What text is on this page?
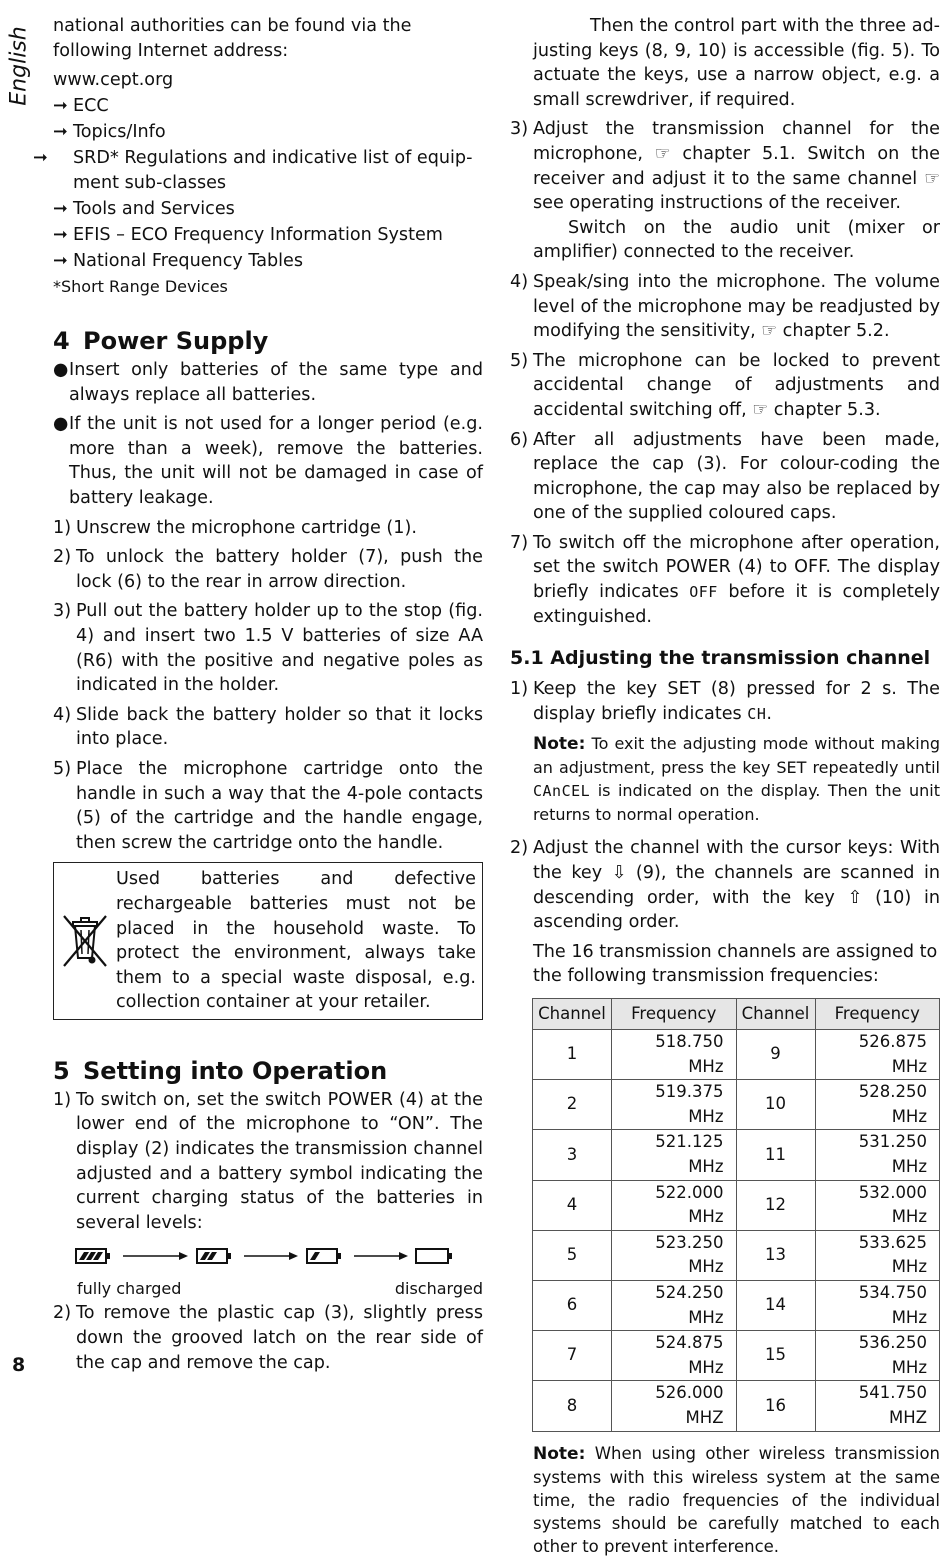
English national authorities can be found via the following Internet address:

www.cept.org

➞ ECC

➞ Topics/Info

➞ SRD* Regulations and indicative list of equipment sub-classes

➞ Tools and Services

➞ EFIS – ECO Frequency Information System

➞ National Frequency Tables

*Short Range Devices

4 Power Supply
● Insert only batteries of the same type and always replace all batteries.
● If the unit is not used for a longer period (e.g. more than a week), remove the batteries. Thus, the unit will not be damaged in case of battery leakage.
1) Unscrew the microphone cartridge (1).
2) To unlock the battery holder (7), push the lock (6) to the rear in arrow direction.
3) Pull out the battery holder up to the stop (fig. 4) and insert two 1.5 V batteries of size AA (R6) with the positive and negative poles as indicated in the holder.
4) Slide back the battery holder so that it locks into place.
5) Place the microphone cartridge onto the handle in such a way that the 4-pole contacts (5) of the cartridge and the handle engage, then screw the cartridge onto the handle.
Used batteries and defective rechargeable batteries must not be placed in the household waste. To protect the environment, always take them to a special waste disposal, e.g. collection container at your retailer.
5 Setting into Operation
1) To switch on, set the switch POWER (4) at the lower end of the microphone to “ON”. The display (2) indicates the transmission channel adjusted and a battery symbol indicating the current charging status of the batteries in several levels:
fully charged	discharged
2) To remove the plastic cap (3), slightly press down the grooved latch on the rear side of the cap and remove the cap.

Then the control part with the three adjusting keys (8, 9, 10) is accessible (fig. 5). To actuate the keys, use a narrow object, e.g. a small screwdriver, if required.

3) Adjust the transmission channel for the microphone, ☞ chapter 5.1. Switch on the receiver and adjust it to the same channel ☞ see operating instructions of the receiver.

Switch on the audio unit (mixer or amplifier) connected to the receiver.

4) Speak/sing into the microphone. The volume level of the microphone may be readjusted by modifying the sensitivity, ☞ chapter 5.2.
5) The microphone can be locked to prevent accidental change of adjustments and accidental switching off, ☞ chapter 5.3.
6) After all adjustments have been made, replace the cap (3). For colour-coding the microphone, the cap may also be replaced by one of the supplied coloured caps.
7) To switch off the microphone after operation, set the switch POWER (4) to OFF. The display briefly indicates OFF before it is completely extinguished.
5.1 Adjusting the transmission channel
1) Keep the key SET (8) pressed for 2 s. The display briefly indicates CH.

Note: To exit the adjusting mode without making an adjustment, press the key SET repeatedly until CAnCEL is indicated on the display. Then the unit returns to normal operation.

2) Adjust the channel with the cursor keys: With the key ⇩ (9), the channels are scanned in descending order, with the key ⇧ (10) in ascending order.

The 16 transmission channels are assigned to the following transmission frequencies:

Channel	Frequency	Channel	Frequency
1	518.750 MHz	9	526.875 MHz
2	519.375 MHz	10	528.250 MHz
3	521.125 MHz	11	531.250 MHz
4	522.000 MHz	12	532.000 MHz
5	523.250 MHz	13	533.625 MHz
6	524.250 MHz	14	534.750 MHz
7	524.875 MHz	15	536.250 MHz
8	526.000 MHZ	16	541.750 MHZ

Note: When using other wireless transmission systems with this wireless system at the same time, the radio frequencies of the individual systems should be carefully matched to each other to prevent interference.

8
